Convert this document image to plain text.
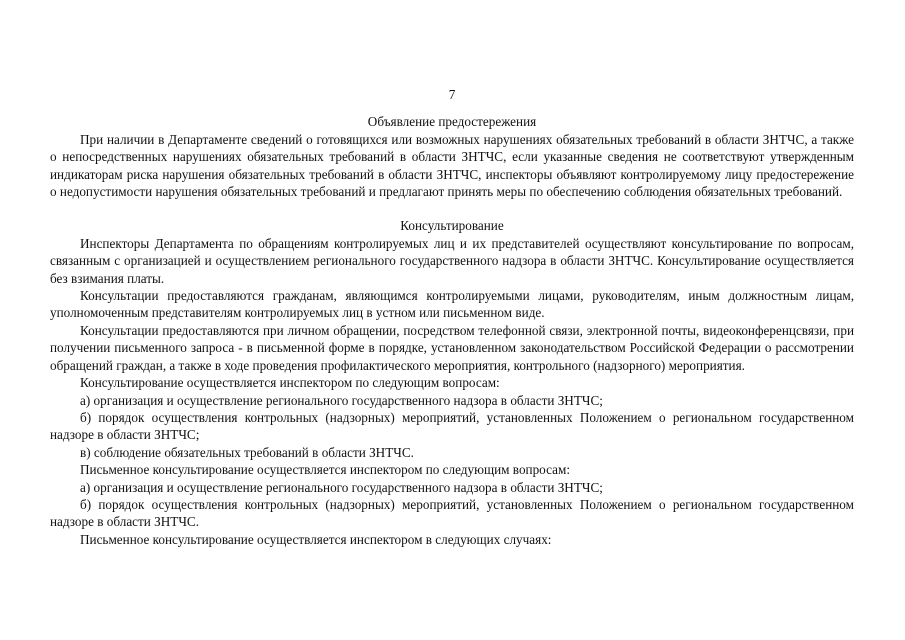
7

Объявление предостережения

При наличии в Департаменте сведений о готовящихся или возможных нарушениях обязательных требований в области ЗНТЧС, а также о непосредственных нарушениях обязательных требований в области ЗНТЧС, если указанные сведения не соответствуют утвержденным индикаторам риска нарушения обязательных требований в области ЗНТЧС, инспекторы объявляют контролируемому лицу предостережение о недопустимости нарушения обязательных требований и предлагают принять меры по обеспечению соблюдения обязательных требований.

Консультирование

Инспекторы Департамента по обращениям контролируемых лиц и их представителей осуществляют консультирование по вопросам, связанным с организацией и осуществлением регионального государственного надзора в области ЗНТЧС. Консультирование осуществляется без взимания платы.

Консультации предоставляются гражданам, являющимся контролируемыми лицами, руководителям, иным должностным лицам, уполномоченным представителям контролируемых лиц в устном или письменном виде.

Консультации предоставляются при личном обращении, посредством телефонной связи, электронной почты, видеоконференцсвязи, при получении письменного запроса - в письменной форме в порядке, установленном законодательством Российской Федерации о рассмотрении обращений граждан, а также в ходе проведения профилактического мероприятия, контрольного (надзорного) мероприятия.

Консультирование осуществляется инспектором по следующим вопросам:

а) организация и осуществление регионального государственного надзора в области ЗНТЧС;

б) порядок осуществления контрольных (надзорных) мероприятий, установленных Положением о региональном государственном надзоре в области ЗНТЧС;

в) соблюдение обязательных требований в области ЗНТЧС.

Письменное консультирование осуществляется инспектором по следующим вопросам:

а) организация и осуществление регионального государственного надзора в области ЗНТЧС;

б) порядок осуществления контрольных (надзорных) мероприятий, установленных Положением о региональном государственном надзоре в области ЗНТЧС.

Письменное консультирование осуществляется инспектором в следующих случаях:
